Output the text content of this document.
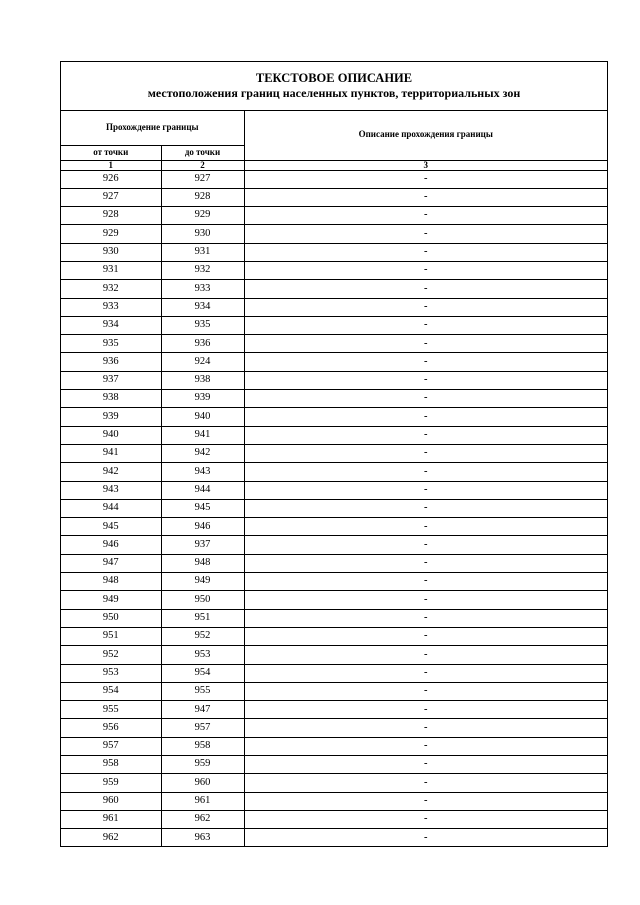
ТЕКСТОВОЕ ОПИСАНИЕ
местоположения границ населенных пунктов, территориальных зон
Прохождение границы		Описание прохождения границы
от точки	до точки	
1	2	3
926	927	-
927	928	-
928	929	-
929	930	-
930	931	-
931	932	-
932	933	-
933	934	-
934	935	-
935	936	-
936	924	-
937	938	-
938	939	-
939	940	-
940	941	-
941	942	-
942	943	-
943	944	-
944	945	-
945	946	-
946	937	-
947	948	-
948	949	-
949	950	-
950	951	-
951	952	-
952	953	-
953	954	-
954	955	-
955	947	-
956	957	-
957	958	-
958	959	-
959	960	-
960	961	-
961	962	-
962	963	-
